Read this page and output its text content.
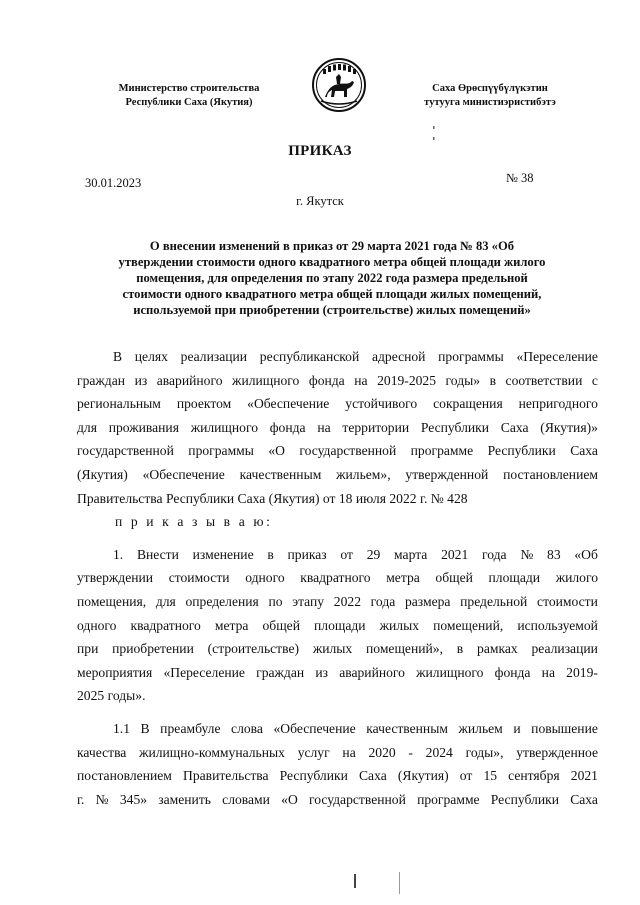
Министерство строительства
Республики Саха (Якутия)
Саха Өрөспүүбүлүкэтин
тутууга министиэристибэтэ
ПРИКАЗ
30.01.2023	№ 38
г. Якутск
О внесении изменений в приказ от 29 марта 2021 года № 83 «Об
утверждении стоимости одного квадратного метра общей площади жилого
помещения, для определения по этапу 2022 года размера предельной
стоимости одного квадратного метра общей площади жилых помещений,
используемой при приобретении (строительстве) жилых помещений»
В целях реализации республиканской адресной программы «Переселение
граждан из аварийного жилищного фонда на 2019-2025 годы» в соответствии с
региональным проектом «Обеспечение устойчивого сокращения непригодного
для проживания жилищного фонда на территории Республики Саха (Якутия)»
государственной программы «О государственной программе Республики Саха
(Якутия) «Обеспечение качественным жильем», утвержденной постановлением
Правительства Республики Саха (Якутия) от 18 июля 2022 г. № 428
п р и к а з ы в а ю:
1. Внести изменение в приказ от 29 марта 2021 года № 83 «Об
утверждении стоимости одного квадратного метра общей площади жилого
помещения, для определения по этапу 2022 года размера предельной стоимости
одного квадратного метра общей площади жилых помещений, используемой
при приобретении (строительстве) жилых помещений», в рамках реализации
мероприятия «Переселение граждан из аварийного жилищного фонда на 2019-
2025 годы».
1.1 В преамбуле слова «Обеспечение качественным жильем и повышение
качества жилищно-коммунальных услуг на 2020 - 2024 годы», утвержденное
постановлением Правительства Республики Саха (Якутия) от 15 сентября 2021
г. № 345» заменить словами «О государственной программе Республики Саха
